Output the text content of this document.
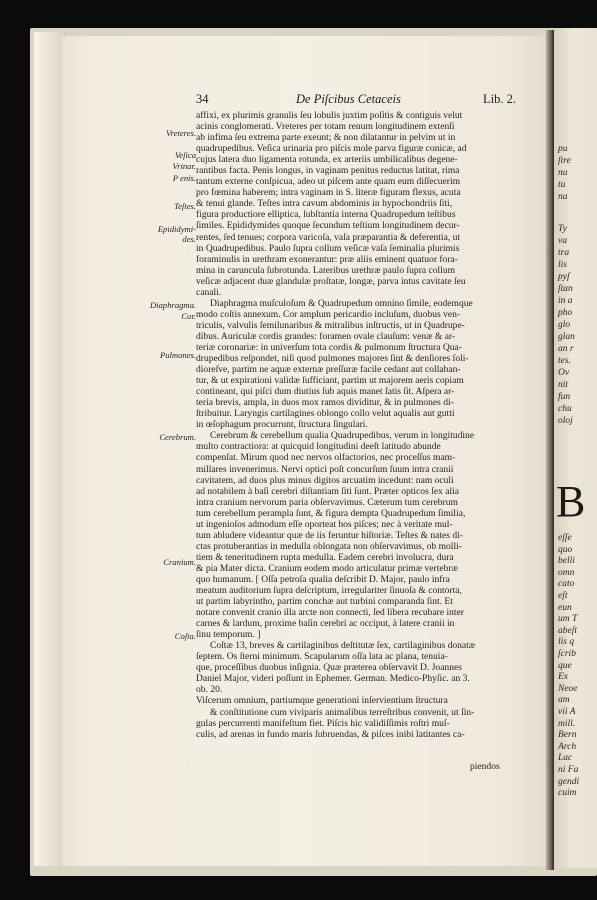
pu
ſtre
nu
tu
na
Ty
va
tra
lis
pyſ
ſtan
in a
pho
glo
glan
an r
tes.
Ov
nit
fun
chu
oloj
B
eſſe
quo
belli
omn
cato
eſt
eun
um T
abeſt
lis q
ſcrib
que
Ex
Neoe
am
vii A
mill.
Bern
Arch
Lac
ni Fa
gendi
cuim
34	De Piſcibus Cetaceis	Lib. 2.
Vreteres.
Veſica
Vrinar.
P enis.
Teſtes.
Epididymi-
des.
Diaphragma.
Cor.
Pulmones.
Cerebrum.
Cranium.
Coſta.

affixi, ex plurimis granulis ſeu lobulis juxtim poſitis & contiguis velut

acinis conglomerati. Vreteres per totam renum longitudinem extenſi

ab infima ſeu extrema parte exeunt; & non dilatantur in pelvim ut in

quadrupedibus. Veſica urinaria pro piſcis mole parva figuræ conicæ, ad

cujus latera duo ligamenta rotunda, ex arteriis umbilicalibus degene-

rantibus facta. Penis longus, in vaginam penitus reductus latitat, rima

tantum externe conſpicua, adeo ut piſcem ante quam eum diſſecuerim

pro fœmina haberem; intra vaginam in S. literæ figuram flexus, acuta

& tenui glande. Teſtes intra cavum abdominis in hypochondriis ſiti,

figura productiore elliptica, ſubſtantia interna Quadrupedum teſtibus

ſimiles. Epididymides quoque ſecundum teſtium longitudinem decur-

rentes, ſed tenues; corpora varicoſa, vaſa præparantia & deferentia, ut

in Quadrupedibus. Paulo ſupra collum veſicæ vaſa ſeminalia plurimis

foraminulis in urethram exonerantur: præ aliis eminent quatuor fora-

mina in caruncula ſubrotunda. Lateribus urethræ paulo ſupra collum

veſicæ adjacent duæ glandulæ proſtatæ, longæ, parva intus cavitate ſeu

canali.

Diaphragma muſculoſum & Quadrupedum omnino ſimile, eodemque

modo coſtis annexum. Cor amplum pericardio incluſum, duobus ven-

triculis, valvulis ſemilunaribus & mitralibus inſtructis, ut in Quadrupe-

dibus. Auriculæ cordis grandes: foramen ovale clauſum: venæ & ar-

teriæ coronariæ: in univerſum tota cordis & pulmonum ſtructura Qua-

drupedibus reſpondet, niſi quod pulmones majores ſint & denſiores ſoli-

dioreſve, partim ne aquæ externæ preſſuræ facile cedant aut collaban-

tur, & ut expirationi validæ ſufficiant, partim ut majorem aeris copiam

contineant, qui piſci dum diutius ſub aquis manet ſatis ſit. Aſpera ar-

teria brevis, ampla, in duos mox ramos dividitur, & in pulmones di-

ſtribuitur. Laryngis cartilagines oblongo collo velut aqualis aut gutti

in œſophagum procurrunt, ſtructura ſingulari.

Cerebrum & cerebellum qualia Quadrupedibus, verum in longitudine

multo contractiora: at quicquid longitudini deeſt latitudo abunde

compenſat. Mirum quod nec nervos olfactorios, nec proceſſus mam-

millares invenerimus. Nervi optici poſt concurſum ſuum intra cranii

cavitatem, ad duos plus minus digitos arcuatim incedunt: nam oculi

ad notabilem à baſi cerebri diſtantiam ſiti ſunt. Præter opticos ſex alia

intra cranium nervorum paria obſervavimus. Cæterum tum cerebrum

tum cerebellum perampla ſunt, & figura dempta Quadrupedum ſimilia,

ut ingenioſos admodum eſſe oporteat hos piſces; nec à veritate mul-

tum abludere videantur quæ de iis feruntur hiſtoriæ. Teſtes & nates di-

ctas protuberantias in medulla oblongata non obſervavimus, ob molli-

tiem & teneritudinem rupta medulla. Eadem cerebri involucra, dura

& pia Mater dicta. Cranium eodem modo articulatur primæ vertebræ

quo humanum. [ Oſſa petroſa qualia deſcribit D. Major, paulo infra

meatum auditorium ſupra deſcriptum, irregulariter ſinuoſa & contorta,

ut partim labyrintho, partim conchæ aut turbini comparanda ſint. Et

notare convenit cranio illa arcte non connecti, ſed libera recubare inter

carnes & lardum, proxime baſin cerebri ac occiput, à latere cranii in

ſinu temporum. ]

Coſtæ 13, breves & cartilaginibus deſtitutæ ſex, cartilaginibus donatæ

ſeptem. Os ſterni minimum. Scapularum oſſa lata ac plana, tenuia-

que, proceſſibus duobus inſignia. Quæ præterea obſervavit D. Joannes

Daniel Major, videri poſſunt in Ephemer. German. Medico-Phyſic. an 3.

ob. 20.

Viſcerum omnium, partiumque generationi inſervientium ſtructura

& conſtitutione cum viviparis animalibus terreſtribus convenit, ut ſin-

gulas percurrenti manifeſtum fiet. Piſcis hic validiſſimis roſtri muſ-

culis, ad arenas in fundo maris ſubruendas, & piſces inibi latitantes ca-

piendos
